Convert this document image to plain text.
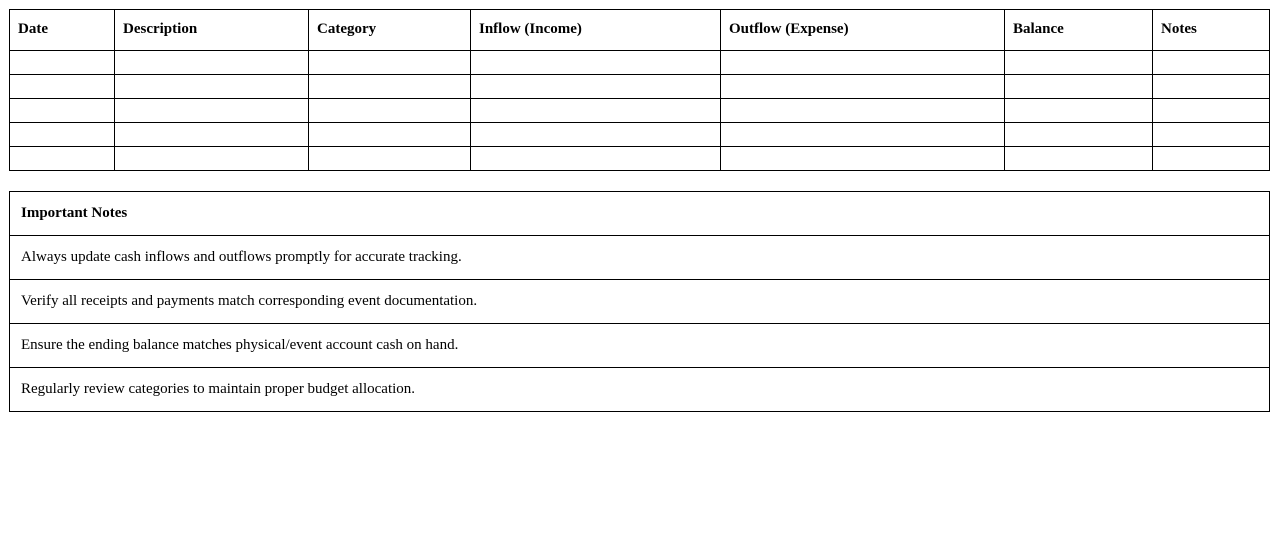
Date	Description	Category	Inflow (Income)	Outflow (Expense)	Balance	Notes

Important Notes
Always update cash inflows and outflows promptly for accurate tracking.
Verify all receipts and payments match corresponding event documentation.
Ensure the ending balance matches physical/event account cash on hand.
Regularly review categories to maintain proper budget allocation.
